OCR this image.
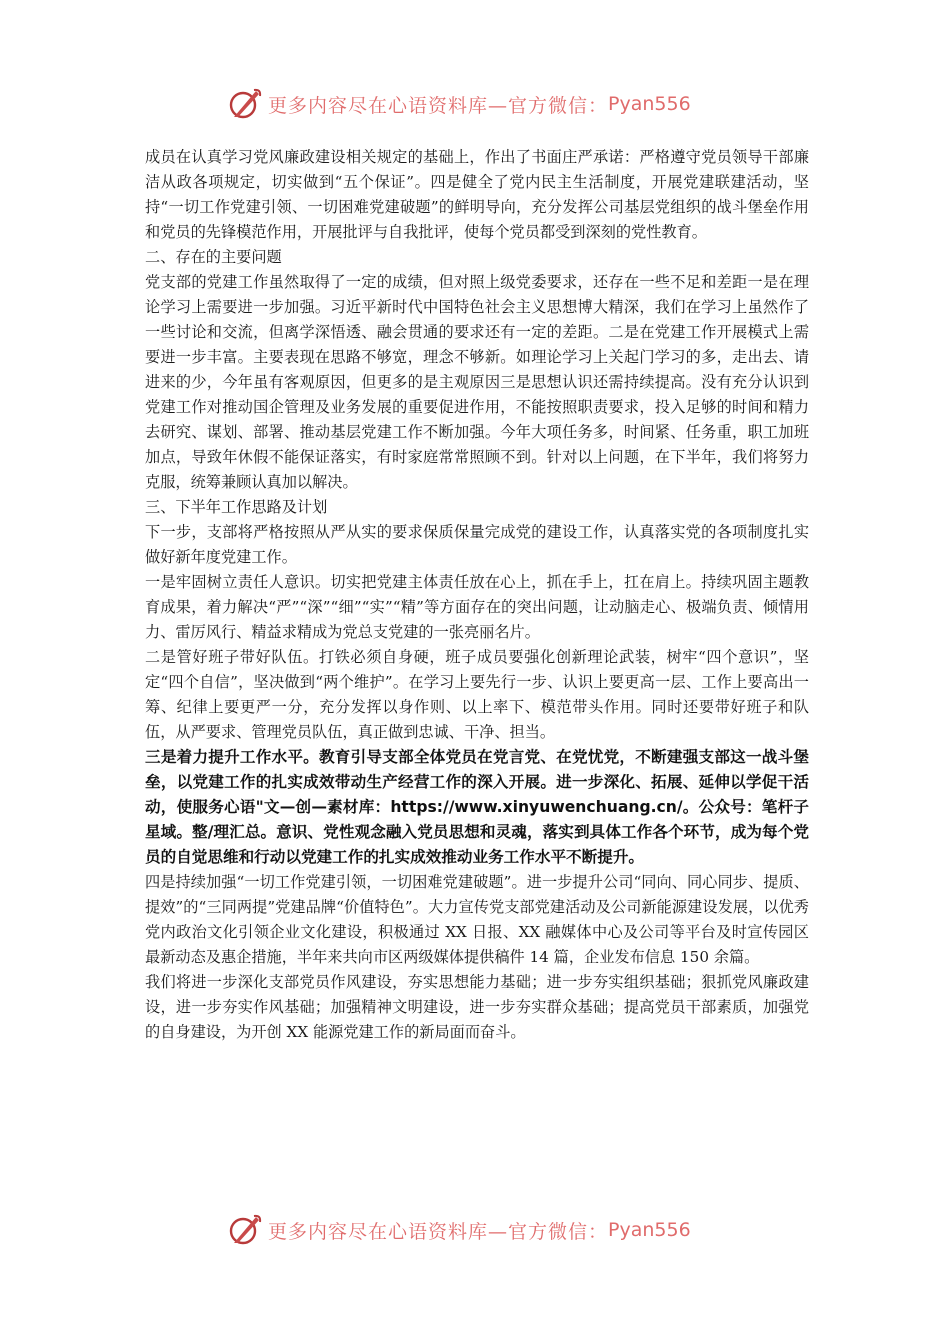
更多内容尽在心语资料库—官方微信： Pyan556

成员在认真学习党风廉政建设相关规定的基础上，作出了书面庄严承诺：严格遵守党员领导干部廉洁从政各项规定，切实做到“五个保证”。四是健全了党内民主生活制度，开展党建联建活动，坚持“一切工作党建引领、一切困难党建破题”的鲜明导向，充分发挥公司基层党组织的战斗堡垒作用和党员的先锋模范作用，开展批评与自我批评，使每个党员都受到深刻的党性教育。

二、存在的主要问题

党支部的党建工作虽然取得了一定的成绩，但对照上级党委要求，还存在一些不足和差距一是在理论学习上需要进一步加强。习近平新时代中国特色社会主义思想博大精深，我们在学习上虽然作了一些讨论和交流，但离学深悟透、融会贯通的要求还有一定的差距。二是在党建工作开展模式上需要进一步丰富。主要表现在思路不够宽，理念不够新。如理论学习上关起门学习的多，走出去、请进来的少，今年虽有客观原因，但更多的是主观原因三是思想认识还需持续提高。没有充分认识到党建工作对推动国企管理及业务发展的重要促进作用，不能按照职责要求，投入足够的时间和精力去研究、谋划、部署、推动基层党建工作不断加强。今年大项任务多，时间紧、任务重，职工加班加点，导致年休假不能保证落实，有时家庭常常照顾不到。针对以上问题，在下半年，我们将努力克服，统筹兼顾认真加以解决。

三、下半年工作思路及计划

下一步，支部将严格按照从严从实的要求保质保量完成党的建设工作，认真落实党的各项制度扎实做好新年度党建工作。

一是牢固树立责任人意识。切实把党建主体责任放在心上，抓在手上，扛在肩上。持续巩固主题教育成果，着力解决“严”“深”“细”“实”“精”等方面存在的突出问题，让动脑走心、极端负责、倾情用力、雷厉风行、精益求精成为党总支党建的一张亮丽名片。

二是管好班子带好队伍。打铁必须自身硬，班子成员要强化创新理论武装，树牢“四个意识”，坚定“四个自信”，坚决做到“两个维护”。在学习上要先行一步、认识上要更高一层、工作上要高出一筹、纪律上要更严一分，充分发挥以身作则、以上率下、模范带头作用。同时还要带好班子和队伍，从严要求、管理党员队伍，真正做到忠诚、干净、担当。

三是着力提升工作水平。教育引导支部全体党员在党言党、在党忧党，不断建强支部这一战斗堡垒，以党建工作的扎实成效带动生产经营工作的深入开展。进一步深化、拓展、延伸以学促干活动，使服务心语"文—创—素材库：https://www.xinyuwenchuang.cn/。公众号：笔杆子星域。整/理汇总。意识、党性观念融入党员思想和灵魂，落实到具体工作各个环节，成为每个党员的自觉思维和行动以党建工作的扎实成效推动业务工作水平不断提升。

四是持续加强“一切工作党建引领，一切困难党建破题”。进一步提升公司“同向、同心同步、提质、提效”的“三同两提”党建品牌“价值特色”。大力宣传党支部党建活动及公司新能源建设发展，以优秀党内政治文化引领企业文化建设，积极通过 XX 日报、XX 融媒体中心及公司等平台及时宣传园区最新动态及惠企措施，半年来共向市区两级媒体提供稿件 14 篇，企业发布信息 150 余篇。

我们将进一步深化支部党员作风建设，夯实思想能力基础；进一步夯实组织基础；狠抓党风廉政建设，进一步夯实作风基础；加强精神文明建设，进一步夯实群众基础；提高党员干部素质，加强党的自身建设，为开创 XX 能源党建工作的新局面而奋斗。

更多内容尽在心语资料库—官方微信： Pyan556
